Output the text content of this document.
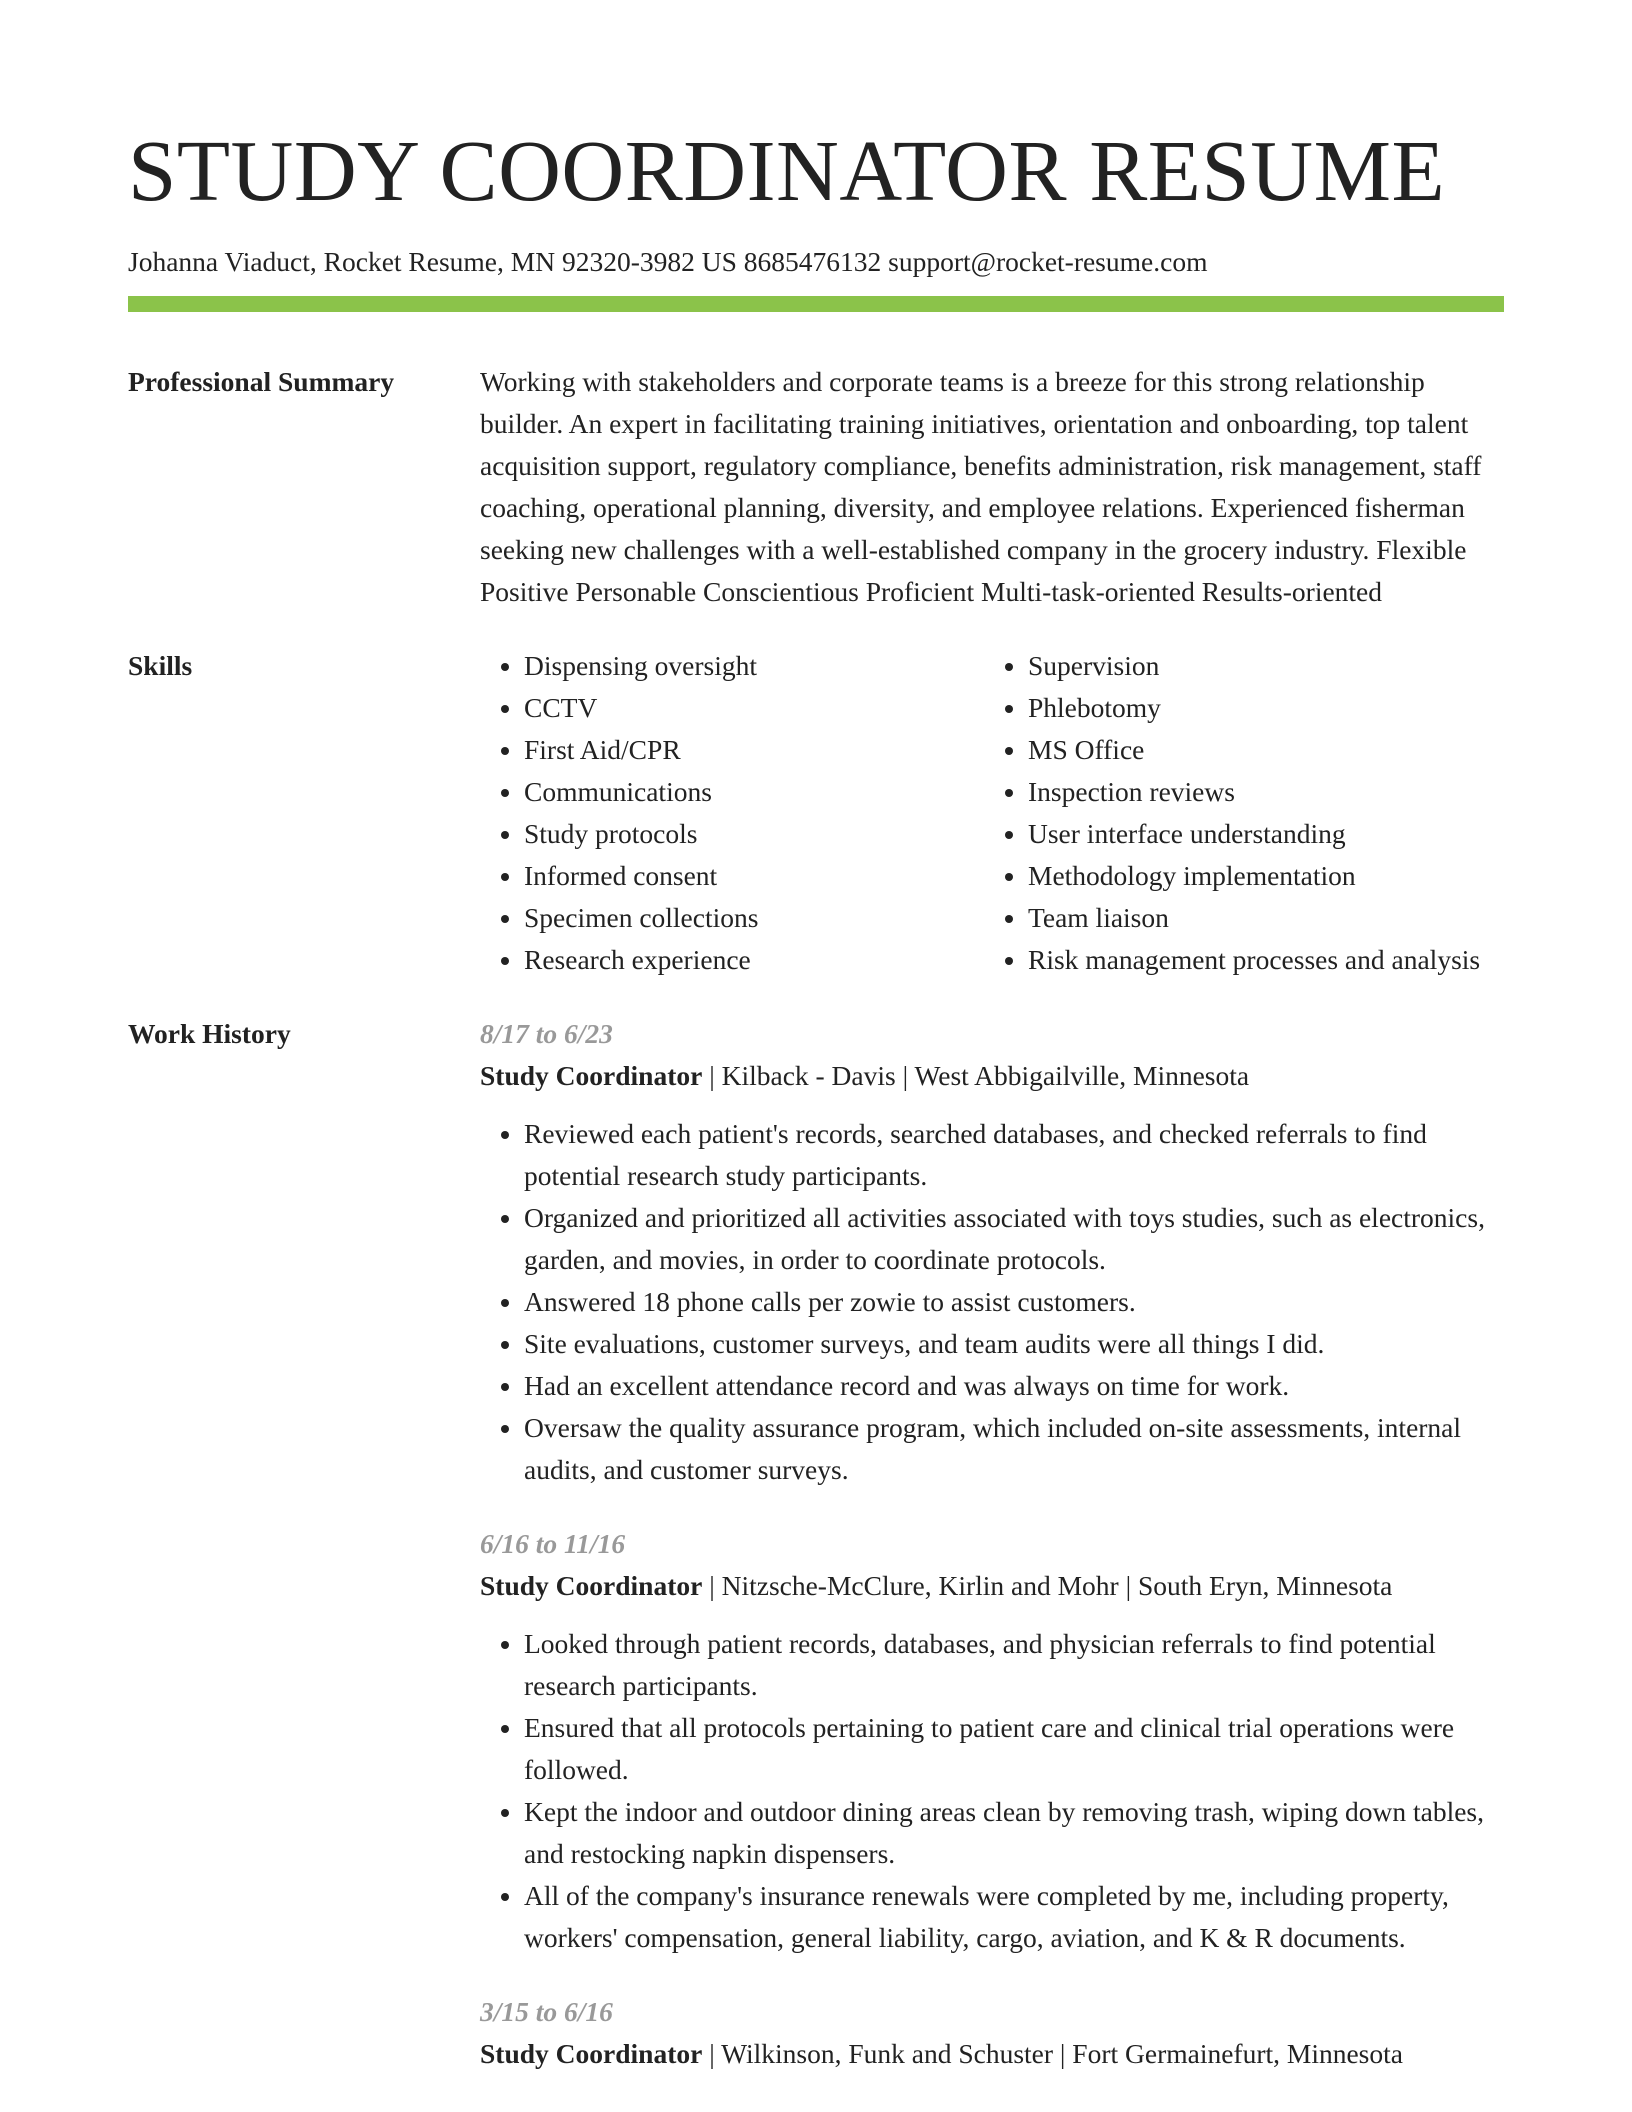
STUDY COORDINATOR RESUME
Johanna Viaduct, Rocket Resume, MN 92320-3982 US 8685476132 support@rocket-resume.com
Professional Summary	Working with stakeholders and corporate teams is a breeze for this strong relationship builder. An expert in facilitating training initiatives, orientation and onboarding, top talent acquisition support, regulatory compliance, benefits administration, risk management, staff coaching, operational planning, diversity, and employee relations. Experienced fisherman seeking new challenges with a well-established company in the grocery industry. Flexible Positive Personable Conscientious Proficient Multi-task-oriented Results-oriented

Skills
•	Dispensing oversight
• CCTV
• First Aid/CPR
• Communications
• Study protocols
• Informed consent
• Specimen collections
• Research experience
• Supervision
• Phlebotomy
• MS Office
• Inspection reviews
• User interface understanding
• Methodology implementation
• Team liaison
• Risk management processes and analysis
Work History	8/17 to 6/23
Study Coordinator | Kilback - Davis | West Abbigailville, Minnesota
• Reviewed each patient's records, searched databases, and checked referrals to find potential research study participants.
• Organized and prioritized all activities associated with toys studies, such as electronics, garden, and movies, in order to coordinate protocols.
• Answered 18 phone calls per zowie to assist customers.
• Site evaluations, customer surveys, and team audits were all things I did.
• Had an excellent attendance record and was always on time for work.
• Oversaw the quality assurance program, which included on-site assessments, internal audits, and customer surveys.
6/16 to 11/16
Study Coordinator | Nitzsche-McClure, Kirlin and Mohr | South Eryn, Minnesota
• Looked through patient records, databases, and physician referrals to find potential research participants.
• Ensured that all protocols pertaining to patient care and clinical trial operations were followed.
• Kept the indoor and outdoor dining areas clean by removing trash, wiping down tables, and restocking napkin dispensers.
• All of the company's insurance renewals were completed by me, including property, workers' compensation, general liability, cargo, aviation, and K & R documents.
3/15 to 6/16
Study Coordinator | Wilkinson, Funk and Schuster | Fort Germainefurt, Minnesota
